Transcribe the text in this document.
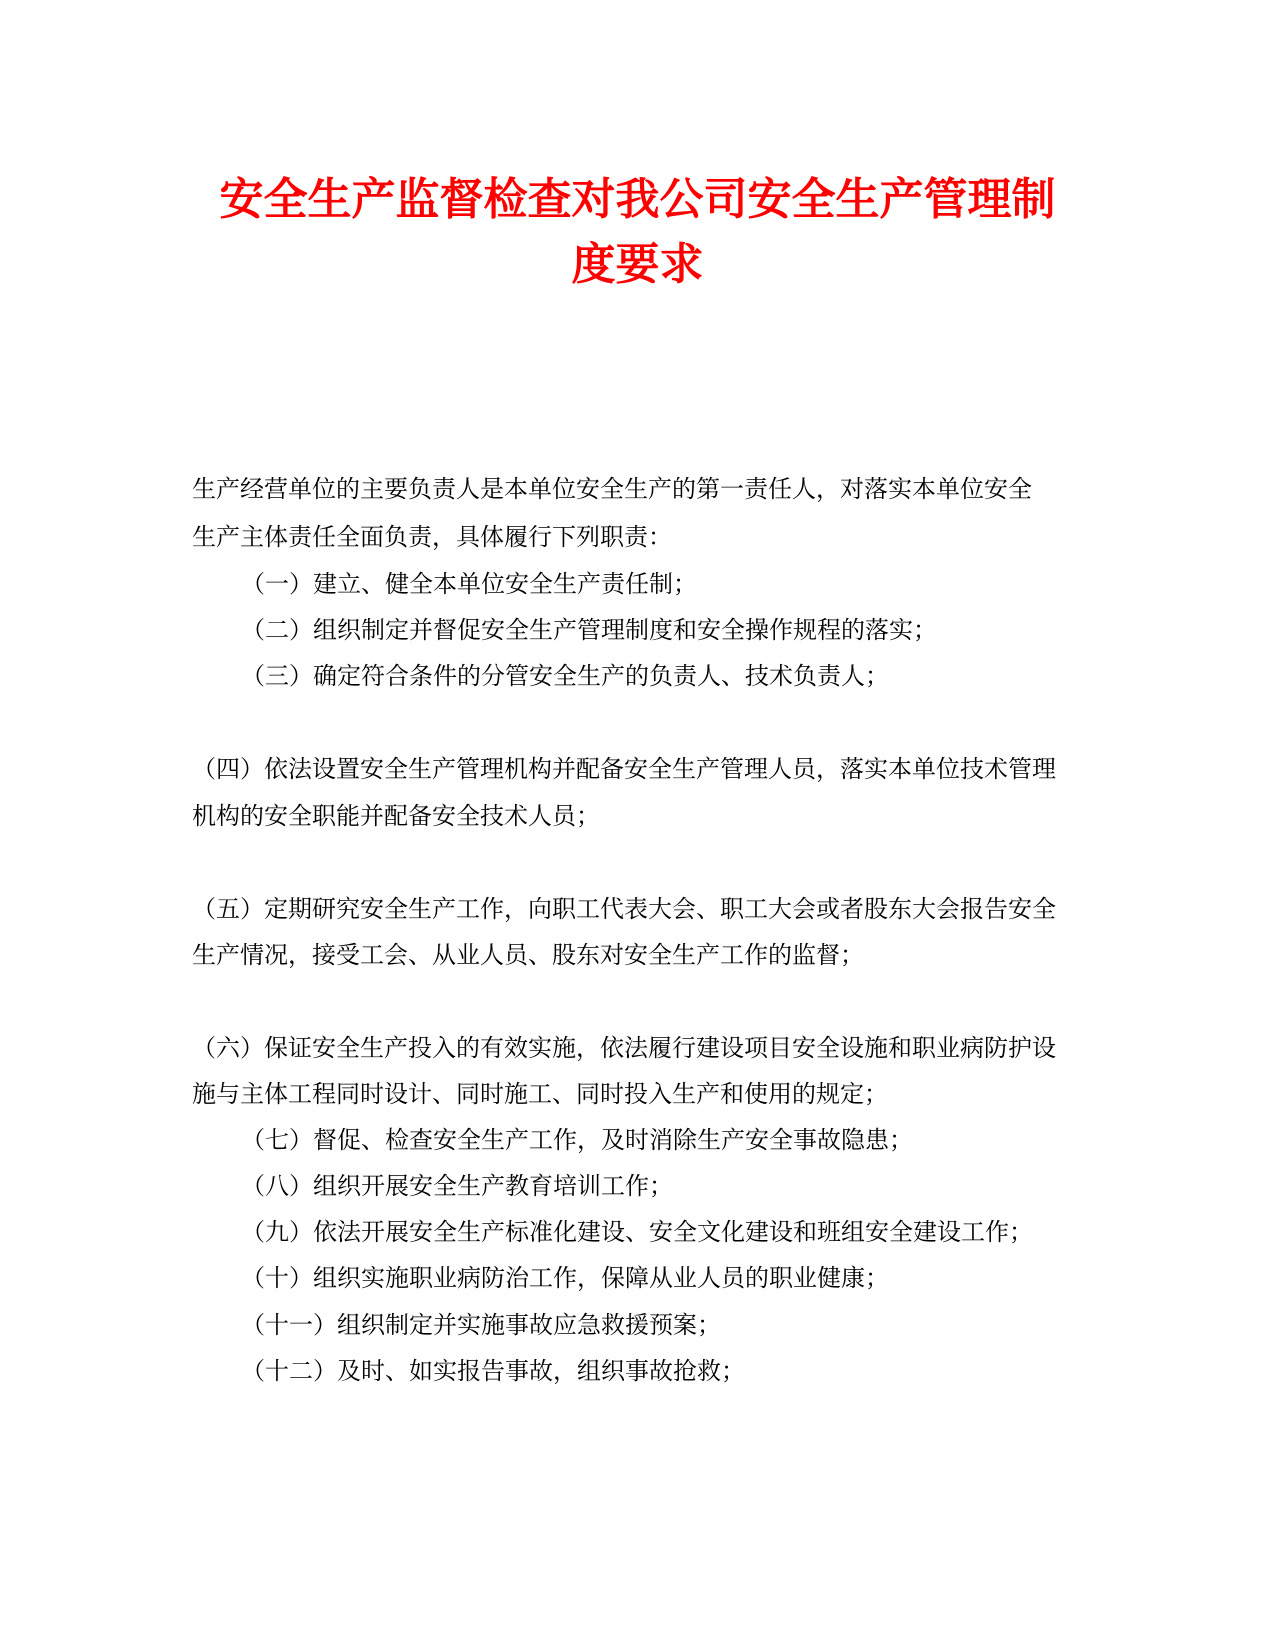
安全生产监督检查对我公司安全生产管理制
度要求

生产经营单位的主要负责人是本单位安全生产的第一责任人，对落实本单位安全

生产主体责任全面负责，具体履行下列职责：

（一）建立、健全本单位安全生产责任制；

（二）组织制定并督促安全生产管理制度和安全操作规程的落实；

（三）确定符合条件的分管安全生产的负责人、技术负责人；

（四）依法设置安全生产管理机构并配备安全生产管理人员，落实本单位技术管理

机构的安全职能并配备安全技术人员；

（五）定期研究安全生产工作，向职工代表大会、职工大会或者股东大会报告安全

生产情况，接受工会、从业人员、股东对安全生产工作的监督；

（六）保证安全生产投入的有效实施，依法履行建设项目安全设施和职业病防护设

施与主体工程同时设计、同时施工、同时投入生产和使用的规定；

（七）督促、检查安全生产工作，及时消除生产安全事故隐患；

（八）组织开展安全生产教育培训工作；

（九）依法开展安全生产标准化建设、安全文化建设和班组安全建设工作；

（十）组织实施职业病防治工作，保障从业人员的职业健康；

（十一）组织制定并实施事故应急救援预案；

（十二）及时、如实报告事故，组织事故抢救；
